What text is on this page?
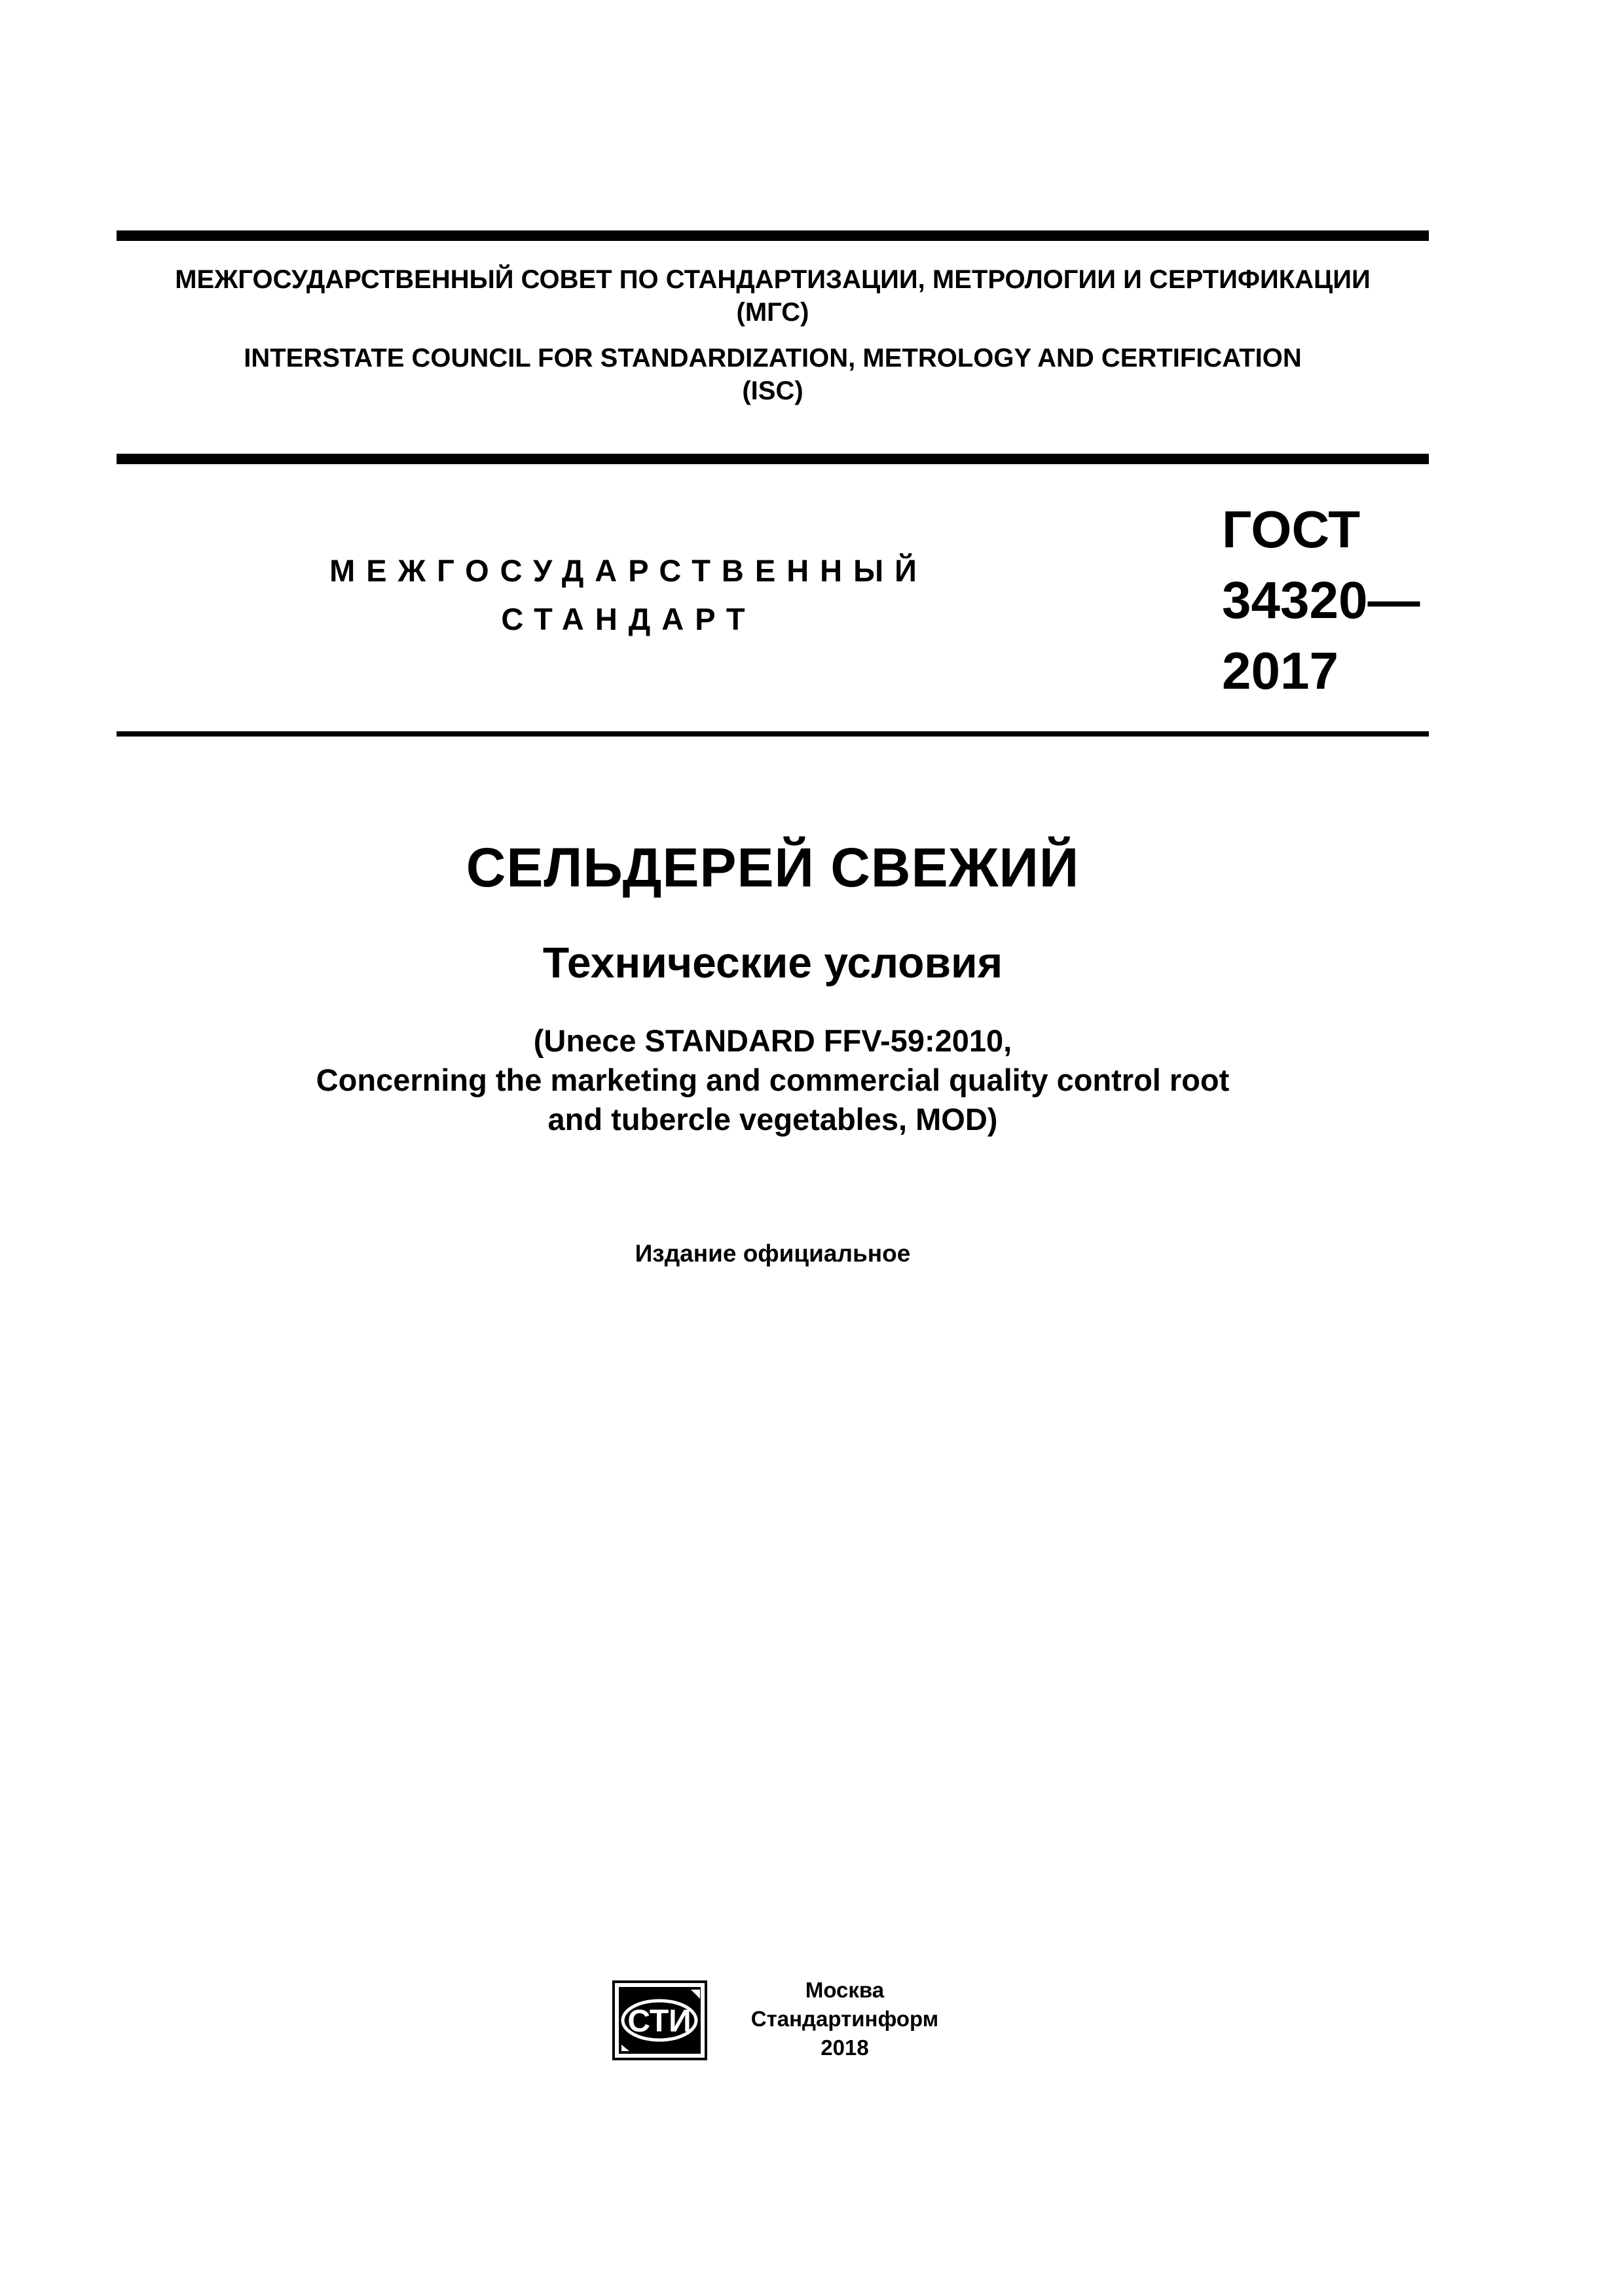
МЕЖГОСУДАРСТВЕННЫЙ СОВЕТ ПО СТАНДАРТИЗАЦИИ, МЕТРОЛОГИИ И СЕРТИФИКАЦИИ
(МГС)
INTERSTATE COUNCIL FOR STANDARDIZATION, METROLOGY AND CERTIFICATION
(ISC)
МЕЖГОСУДАРСТВЕННЫЙ
СТАНДАРТ
ГОСТ
34320—
2017
СЕЛЬДЕРЕЙ СВЕЖИЙ
Технические условия
(Unece STANDARD FFV-59:2010,
Concerning the marketing and commercial quality control root
and tubercle vegetables, MOD)
Издание официальное
СТИ
Москва
Стандартинформ
2018
